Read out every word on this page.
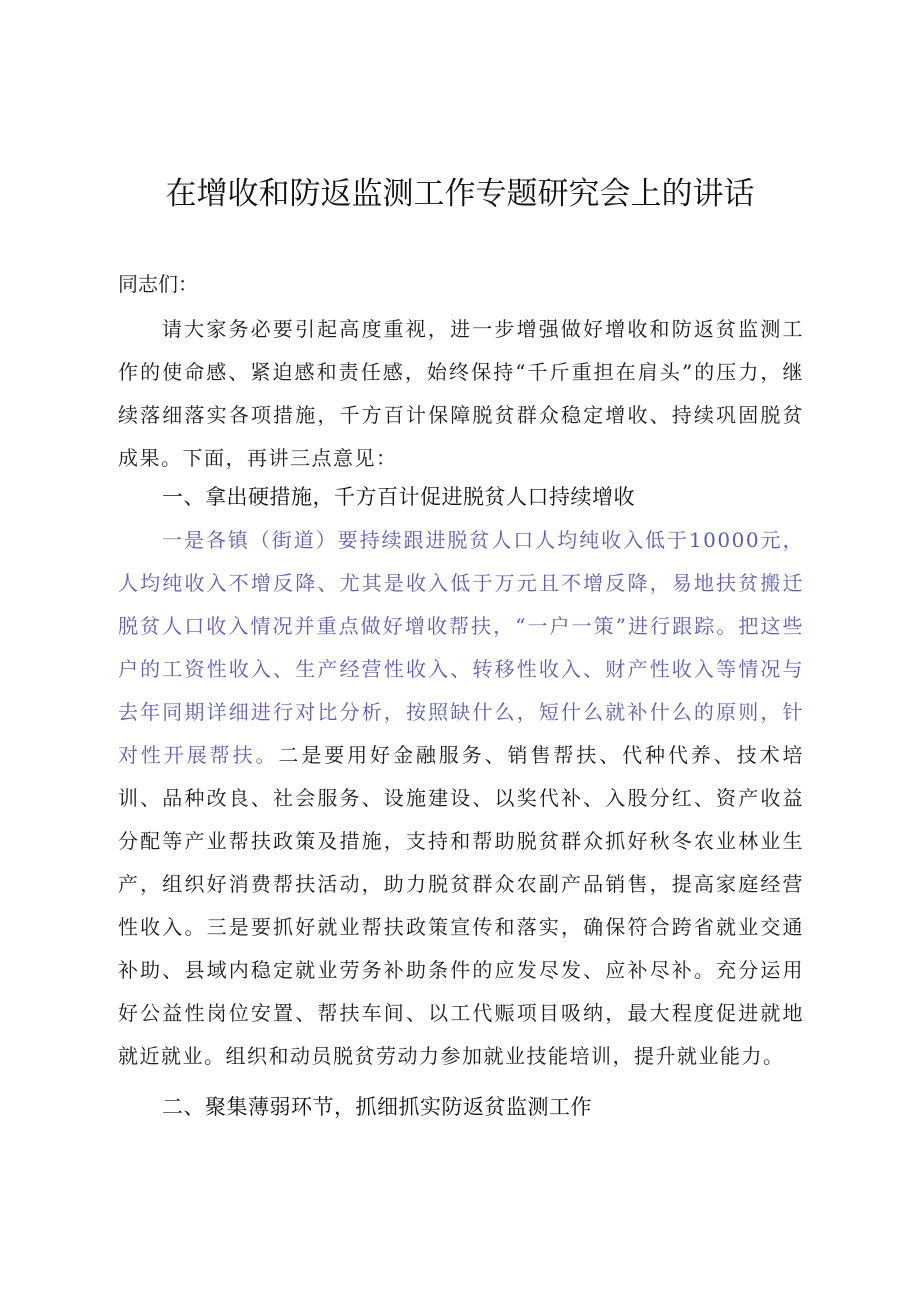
在增收和防返监测工作专题研究会上的讲话
同志们：

请大家务必要引起高度重视，进一步增强做好增收和防返贫监测工作的使命感、紧迫感和责任感，始终保持“千斤重担在肩头”的压力，继续落细落实各项措施，千方百计保障脱贫群众稳定增收、持续巩固脱贫成果。下面，再讲三点意见：

一、拿出硬措施，千方百计促进脱贫人口持续增收

一是各镇（街道）要持续跟进脱贫人口人均纯收入低于10000元，人均纯收入不增反降、尤其是收入低于万元且不增反降，易地扶贫搬迁脱贫人口收入情况并重点做好增收帮扶，“一户一策”进行跟踪。把这些户的工资性收入、生产经营性收入、转移性收入、财产性收入等情况与去年同期详细进行对比分析，按照缺什么，短什么就补什么的原则，针对性开展帮扶。二是要用好金融服务、销售帮扶、代种代养、技术培训、品种改良、社会服务、设施建设、以奖代补、入股分红、资产收益分配等产业帮扶政策及措施，支持和帮助脱贫群众抓好秋冬农业林业生产，组织好消费帮扶活动，助力脱贫群众农副产品销售，提高家庭经营性收入。三是要抓好就业帮扶政策宣传和落实，确保符合跨省就业交通补助、县域内稳定就业劳务补助条件的应发尽发、应补尽补。充分运用好公益性岗位安置、帮扶车间、以工代赈项目吸纳，最大程度促进就地就近就业。组织和动员脱贫劳动力参加就业技能培训，提升就业能力。

二、聚集薄弱环节，抓细抓实防返贫监测工作
